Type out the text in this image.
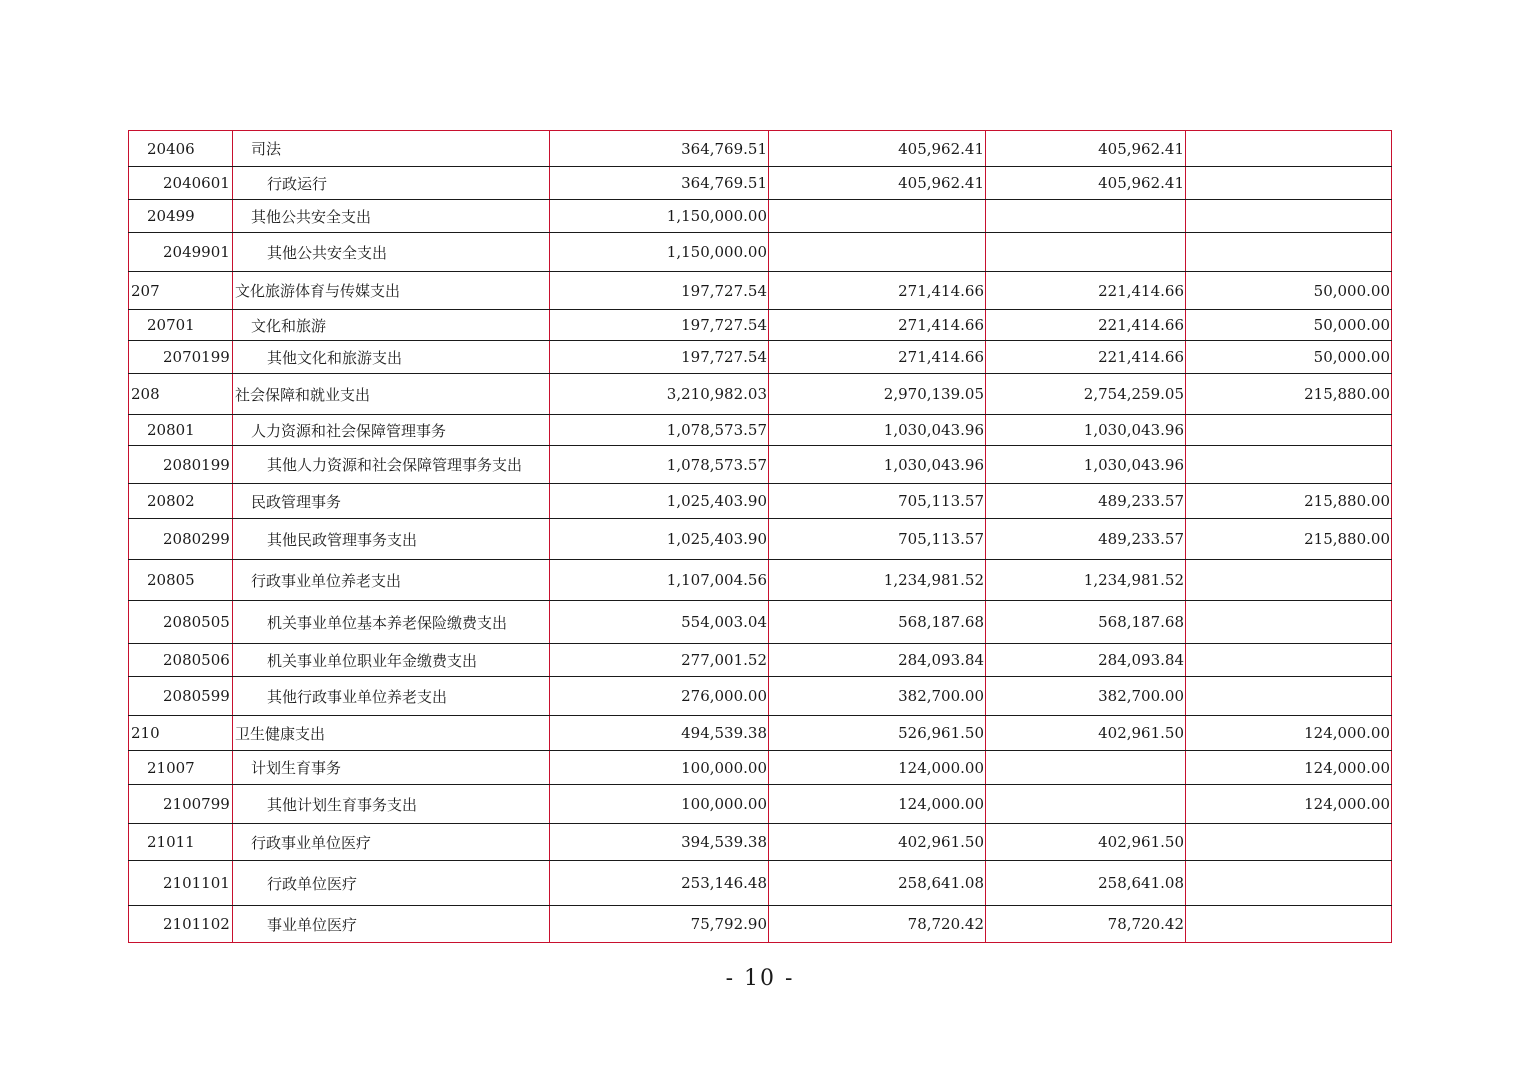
20406	司法	364,769.51	405,962.41	405,962.41	
2040601	行政运行	364,769.51	405,962.41	405,962.41	
20499	其他公共安全支出	1,150,000.00			
2049901	其他公共安全支出	1,150,000.00			
207	文化旅游体育与传媒支出	197,727.54	271,414.66	221,414.66	50,000.00
20701	文化和旅游	197,727.54	271,414.66	221,414.66	50,000.00
2070199	其他文化和旅游支出	197,727.54	271,414.66	221,414.66	50,000.00
208	社会保障和就业支出	3,210,982.03	2,970,139.05	2,754,259.05	215,880.00
20801	人力资源和社会保障管理事务	1,078,573.57	1,030,043.96	1,030,043.96	
2080199	其他人力资源和社会保障管理事务支出	1,078,573.57	1,030,043.96	1,030,043.96	
20802	民政管理事务	1,025,403.90	705,113.57	489,233.57	215,880.00
2080299	其他民政管理事务支出	1,025,403.90	705,113.57	489,233.57	215,880.00
20805	行政事业单位养老支出	1,107,004.56	1,234,981.52	1,234,981.52	
2080505	机关事业单位基本养老保险缴费支出	554,003.04	568,187.68	568,187.68	
2080506	机关事业单位职业年金缴费支出	277,001.52	284,093.84	284,093.84	
2080599	其他行政事业单位养老支出	276,000.00	382,700.00	382,700.00	
210	卫生健康支出	494,539.38	526,961.50	402,961.50	124,000.00
21007	计划生育事务	100,000.00	124,000.00		124,000.00
2100799	其他计划生育事务支出	100,000.00	124,000.00		124,000.00
21011	行政事业单位医疗	394,539.38	402,961.50	402,961.50	
2101101	行政单位医疗	253,146.48	258,641.08	258,641.08	
2101102	事业单位医疗	75,792.90	78,720.42	78,720.42	
- 10 -
